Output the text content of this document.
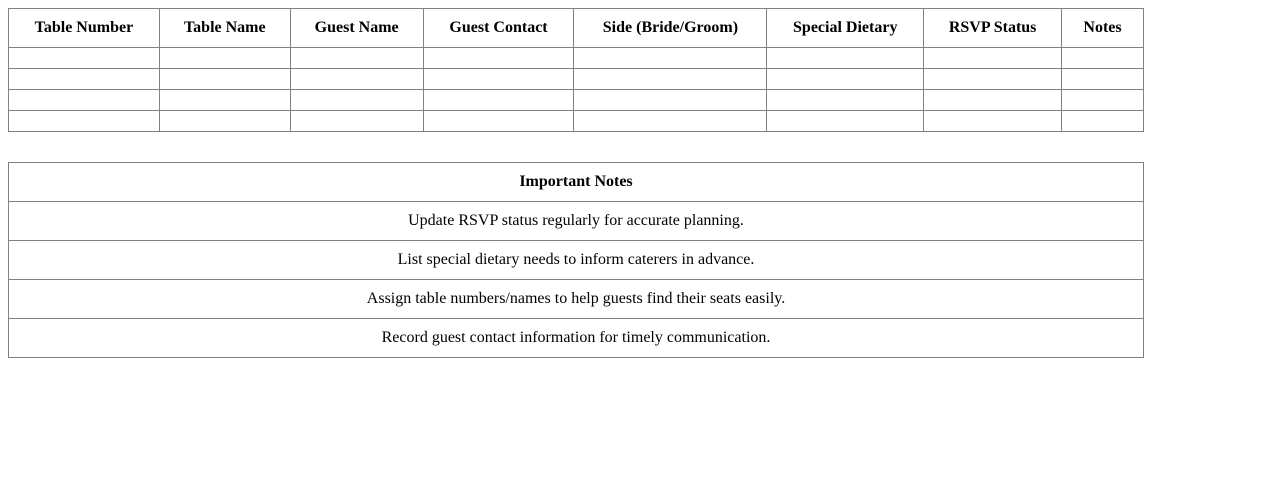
Table Number	Table Name	Guest Name	Guest Contact	Side (Bride/Groom)	Special Dietary	RSVP Status	Notes

Important Notes
Update RSVP status regularly for accurate planning.
List special dietary needs to inform caterers in advance.
Assign table numbers/names to help guests find their seats easily.
Record guest contact information for timely communication.
